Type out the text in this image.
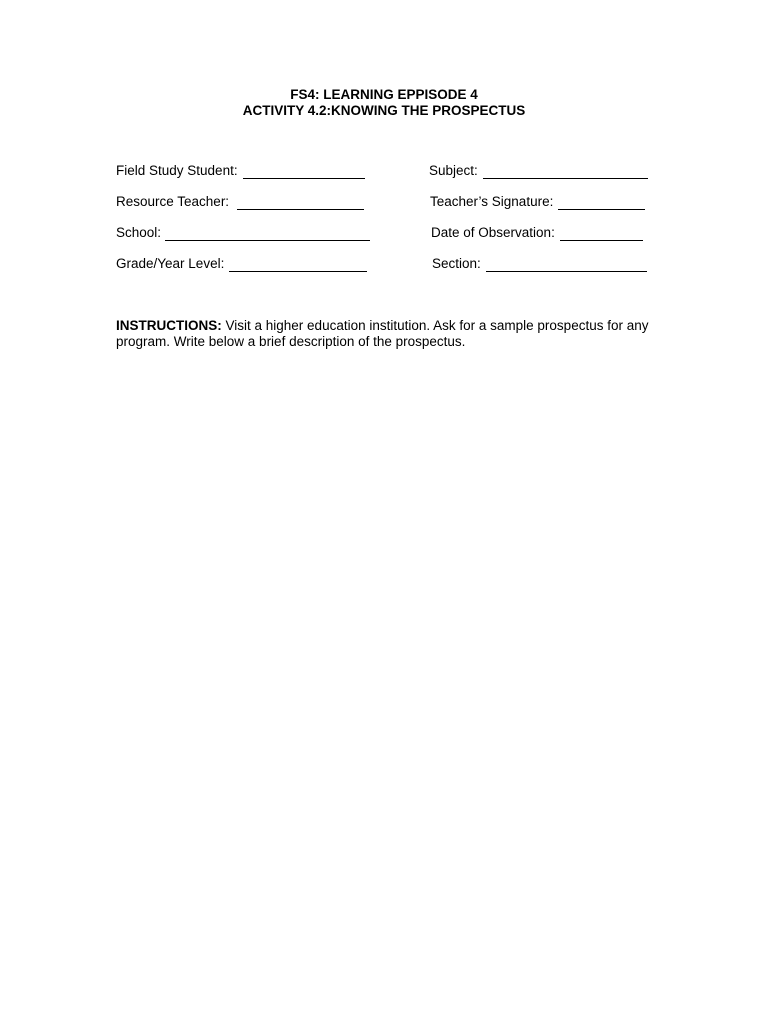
FS4: LEARNING EPPISODE 4
ACTIVITY 4.2:KNOWING THE PROSPECTUS
Field Study Student:	Subject:
Resource Teacher:	Teacher’s Signature:
School:	Date of Observation:
Grade/Year Level:	Section:
INSTRUCTIONS: Visit a higher education institution. Ask for a sample prospectus for any program. Write below a brief description of the prospectus.
